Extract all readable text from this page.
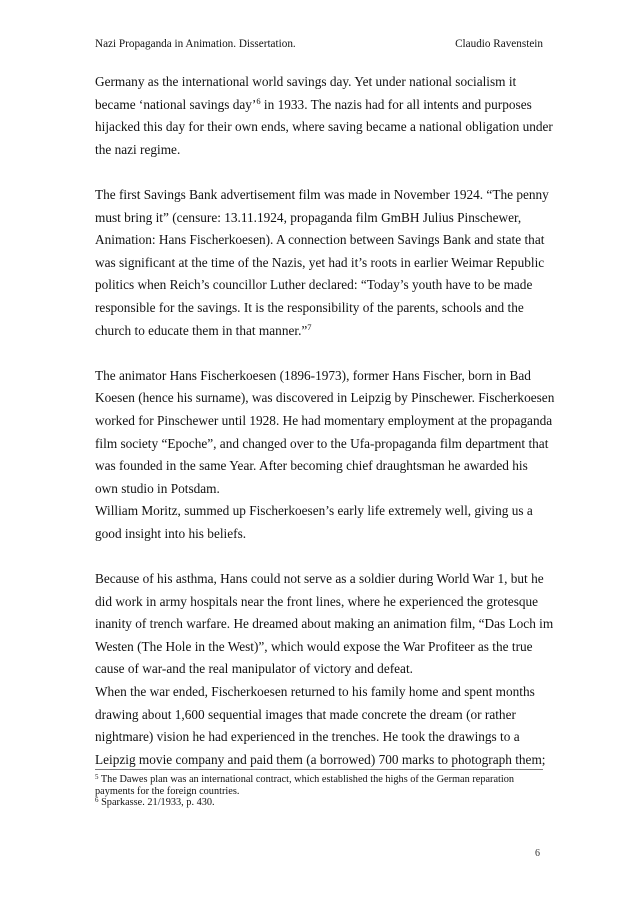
Nazi Propaganda in Animation. Dissertation.	Claudio Ravenstein
Germany as the international world savings day. Yet under national socialism it
became ‘national savings day’$^6$ in 1933. The nazis had for all intents and purposes
hijacked this day for their own ends, where saving became a national obligation under
the nazi regime.
The first Savings Bank advertisement film was made in November 1924. “The penny
must bring it” (censure: 13.11.1924, propaganda film GmBH Julius Pinschewer,
Animation: Hans Fischerkoesen). A connection between Savings Bank and state that
was significant at the time of the Nazis, yet had it’s roots in earlier Weimar Republic
politics when Reich’s councillor Luther declared: “Today’s youth have to be made
responsible for the savings. It is the responsibility of the parents, schools and the
church to educate them in that manner.”$^7$
The animator Hans Fischerkoesen (1896-1973), former Hans Fischer, born in Bad
Koesen (hence his surname), was discovered in Leipzig by Pinschewer. Fischerkoesen
worked for Pinschewer until 1928. He had momentary employment at the propaganda
film society “Epoche”, and changed over to the Ufa-propaganda film department that
was founded in the same Year. After becoming chief draughtsman he awarded his
own studio in Potsdam.
William Moritz, summed up Fischerkoesen’s early life extremely well, giving us a
good insight into his beliefs.
Because of his asthma, Hans could not serve as a soldier during World War 1, but he
did work in army hospitals near the front lines, where he experienced the grotesque
inanity of trench warfare. He dreamed about making an animation film, “Das Loch im
Westen (The Hole in the West)”, which would expose the War Profiteer as the true
cause of war-and the real manipulator of victory and defeat.
When the war ended, Fischerkoesen returned to his family home and spent months
drawing about 1,600 sequential images that made concrete the dream (or rather
nightmare) vision he had experienced in the trenches. He took the drawings to a
Leipzig movie company and paid them (a borrowed) 700 marks to photograph them;
$^5$ The Dawes plan was an international contract, which established the highs of the German reparation
payments for the foreign countries.
$^6$ Sparkasse. 21/1933, p. 430.
6
